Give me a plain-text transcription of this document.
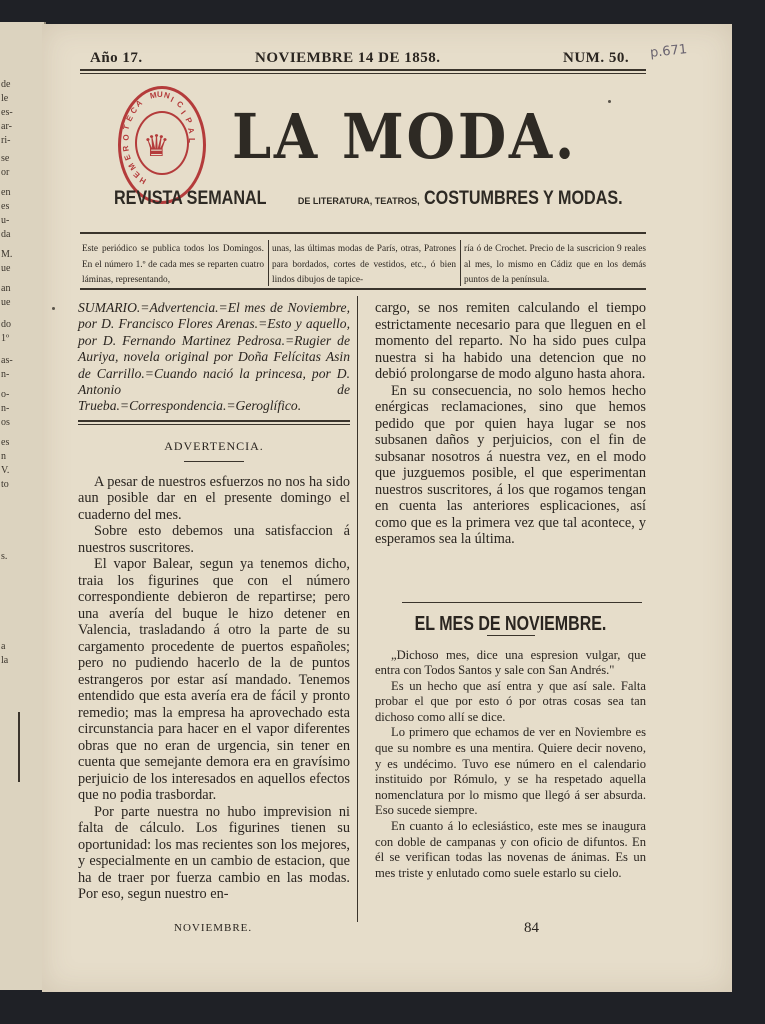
de
le
es-
ar-
ri-
se
or
en
es
u-
da
M.
ue
an
ue
do
1º
as-
n-
o-
n-
os
es
n
V.
to
s.
a
la
Año 17.	NOVIEMBRE 14 DE 1858.	NUM. 50. p.671
♛
H
E
M
E
R
O
T
E
C
A
M U N
I
C
I
P
A
L LA MODA.
REVISTA SEMANAL	DE LITERATURA, TEATROS, COSTUMBRES Y MODAS.
Este periódico se publica todos los Domingos. En el número 1.º de cada mes se reparten cuatro láminas, representando,
unas, las últimas modas de París, otras, Patrones para bordados, cortes de vestidos, etc., ó bien lindos dibujos de tapice-
ría ó de Crochet. Precio de la suscricion 9 reales al mes, lo mismo en Cádiz que en los demás puntos de la península.

SUMARIO.=Advertencia.=El mes de Noviembre, por D. Francisco Flores Arenas.=Esto y aquello, por D. Fernando Martinez Pedrosa.=Rugier de Auriya, novela original por Doña Felícitas Asin de Carrillo.=Cuando nació la princesa, por D. Antonio de Trueba.=Correspondencia.=Geroglífico.

ADVERTENCIA.

A pesar de nuestros esfuerzos no nos ha sido aun posible dar en el presente domingo el cuaderno del mes.

Sobre esto debemos una satisfaccion á nuestros suscritores.

El vapor Balear, segun ya tenemos dicho, traia los figurines que con el número correspondiente debieron de repartirse; pero una avería del buque le hizo detener en Valencia, trasladando á otro la parte de su cargamento procedente de puertos españoles; pero no pudiendo hacerlo de la de puntos estrangeros por estar así mandado. Tenemos entendido que esta avería era de fácil y pronto remedio; mas la empresa ha aprovechado esta circunstancia para hacer en el vapor diferentes obras que no eran de urgencia, sin tener en cuenta que semejante demora era en gravísimo perjuicio de los interesados en aquellos efectos que no podia trasbordar.

Por parte nuestra no hubo imprevision ni falta de cálculo. Los figurines tienen su oportunidad: los mas recientes son los mejores, y especialmente en un cambio de estacion, que ha de traer por fuerza cambio en las modas. Por eso, segun nuestro en-

cargo, se nos remiten calculando el tiempo estrictamente necesario para que lleguen en el momento del reparto. No ha sido pues culpa nuestra si ha habido una detencion que no debió prolongarse de modo alguno hasta ahora.

En su consecuencia, no solo hemos hecho enérgicas reclamaciones, sino que hemos pedido que por quien haya lugar se nos subsanen daños y perjuicios, con el fin de subsanar nosotros á nuestra vez, en el modo que juzguemos posible, el que esperimentan nuestros suscritores, á los que rogamos tengan en cuenta las anteriores esplicaciones, así como que es la primera vez que tal acontece, y esperamos sea la última.

EL MES DE NOVIEMBRE.

„Dichoso mes, dice una espresion vulgar, que entra con Todos Santos y sale con San Andrés."

Es un hecho que así entra y que así sale. Falta probar el que por esto ó por otras cosas sea tan dichoso como allí se dice.

Lo primero que echamos de ver en Noviembre es que su nombre es una mentira. Quiere decir noveno, y es undécimo. Tuvo ese número en el calendario instituido por Rómulo, y se ha respetado aquella nomenclatura por lo mismo que llegó á ser absurda. Eso sucede siempre.

En cuanto á lo eclesiástico, este mes se inaugura con doble de campanas y con oficio de difuntos. En él se verifican todas las novenas de ánimas. Es un mes triste y enlutado como suele estarlo su cielo.

NOVIEMBRE.	84
